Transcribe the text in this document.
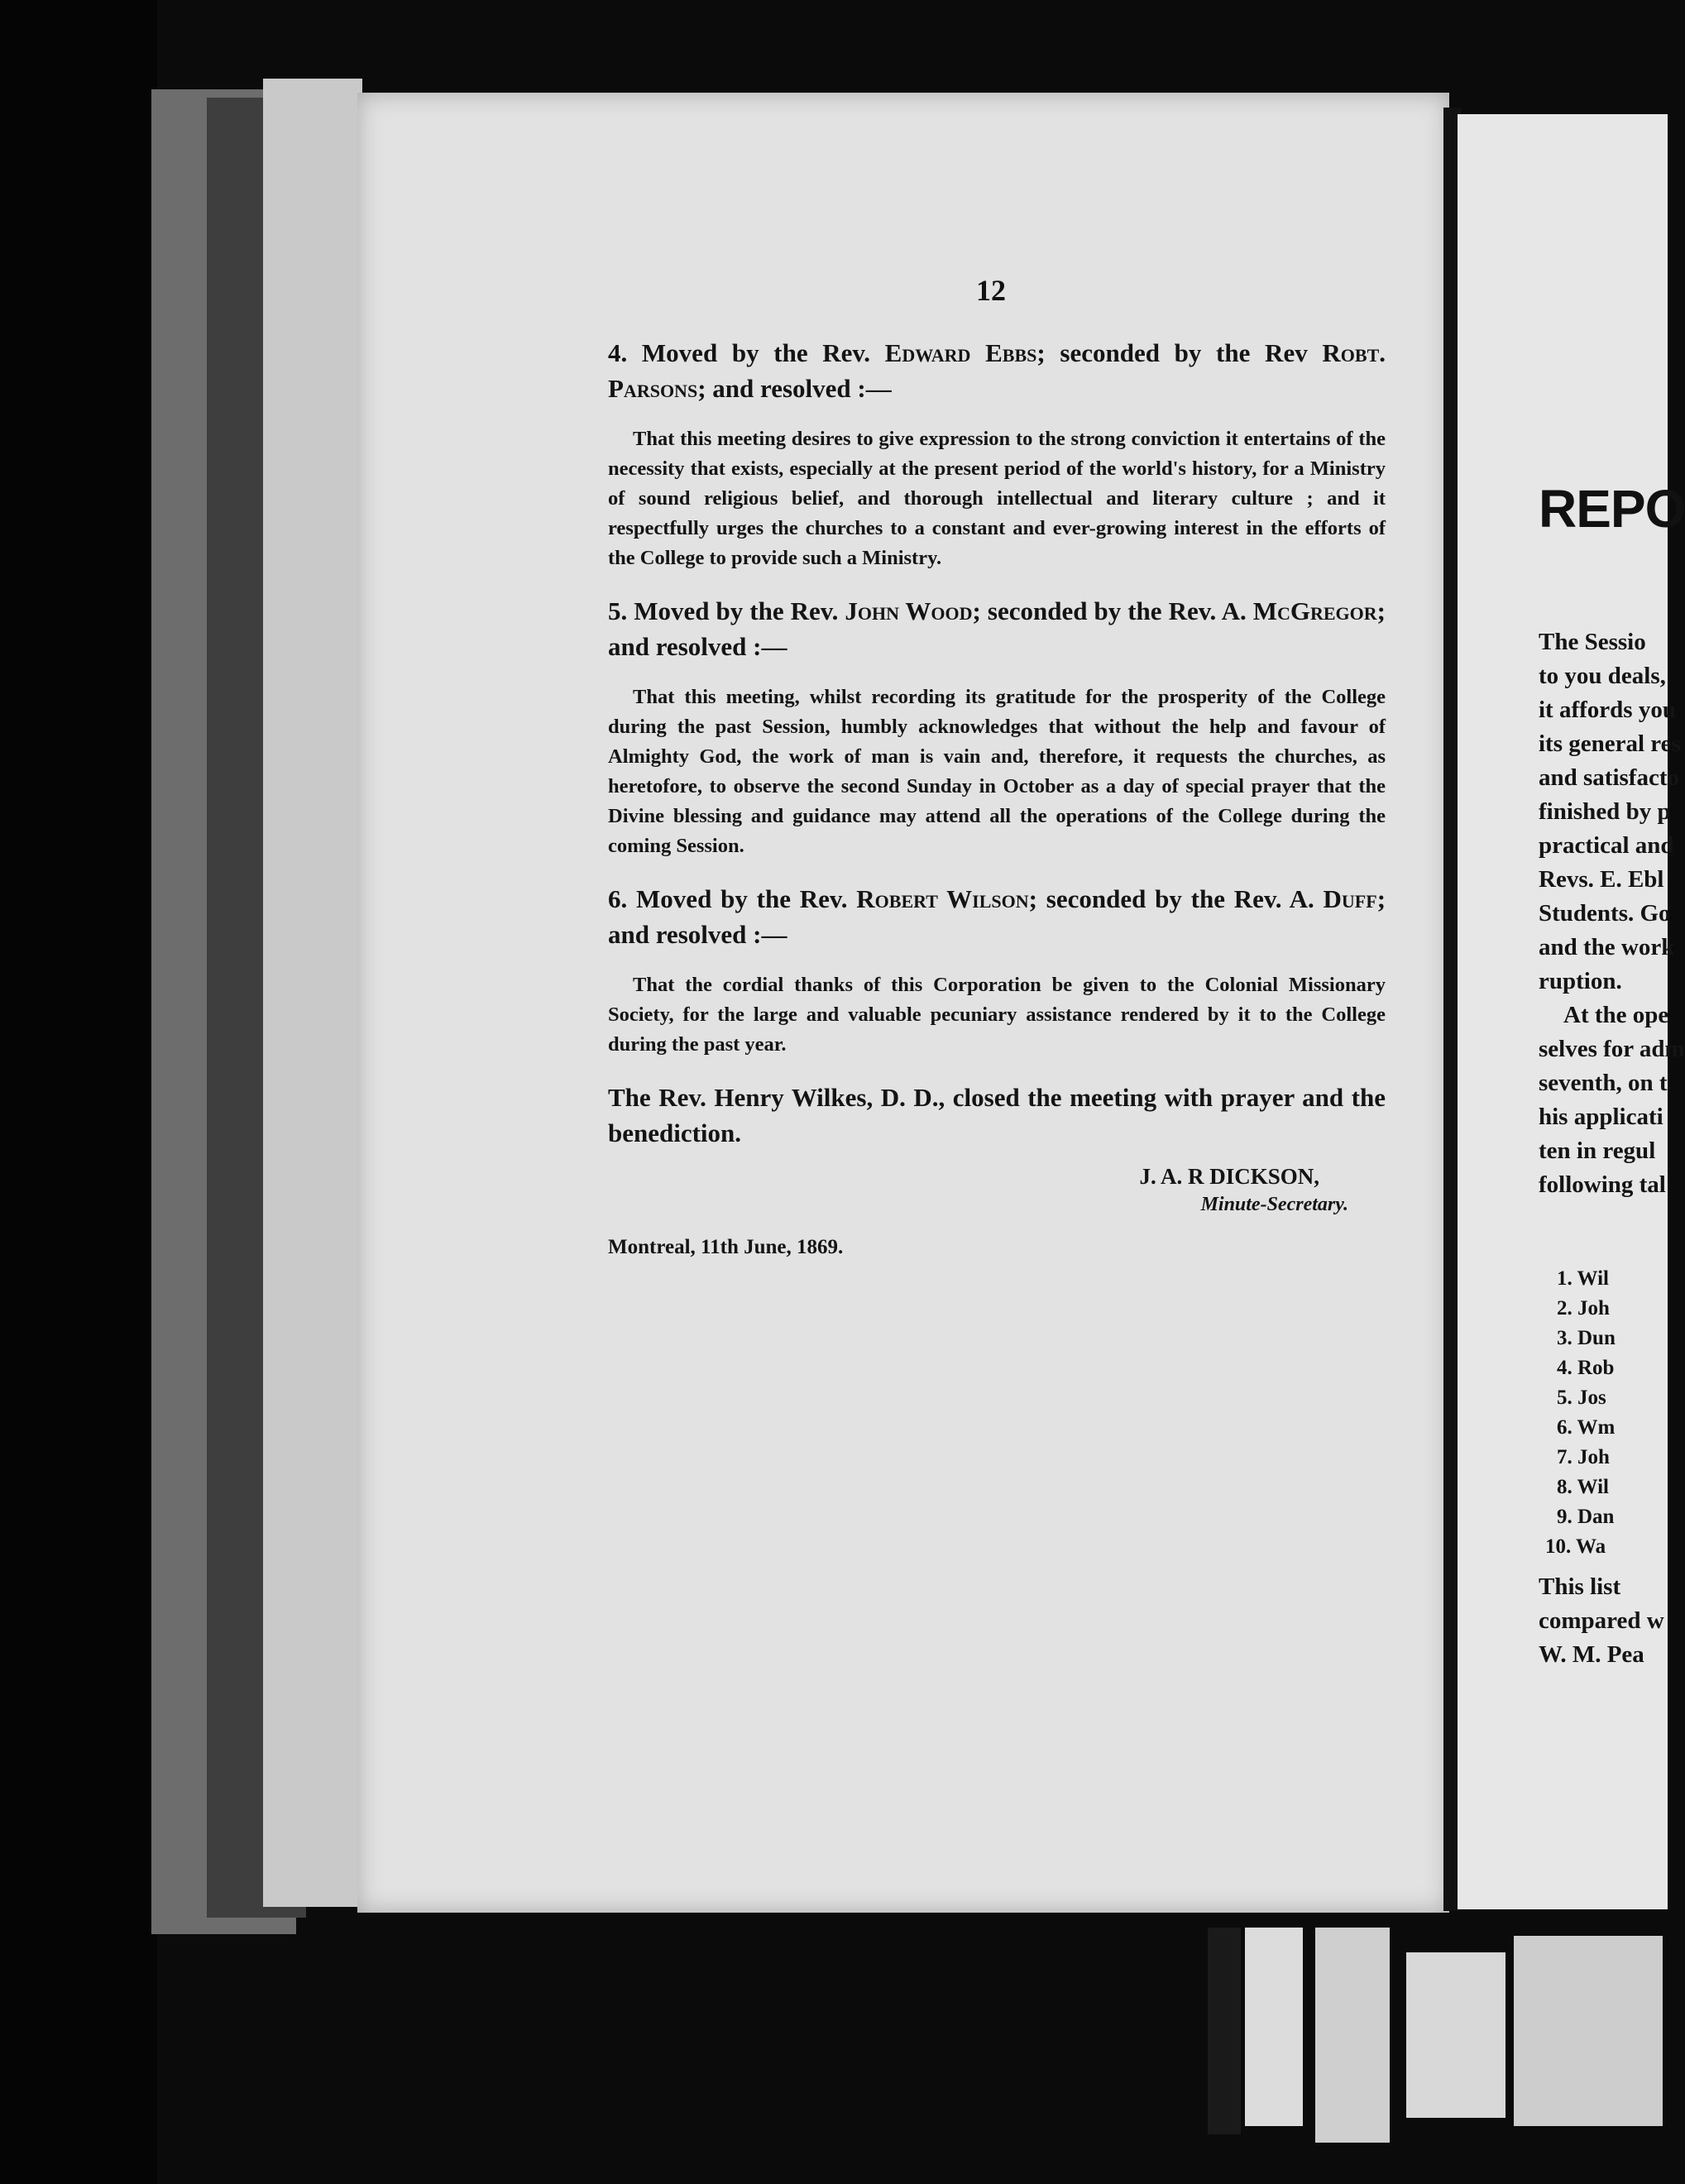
12

4. Moved by the Rev. Edward Ebbs; seconded by the Rev Robt. Parsons; and resolved :—

That this meeting desires to give expression to the strong conviction it entertains of the necessity that exists, especially at the present period of the world's history, for a Ministry of sound religious belief, and thorough intellectual and literary culture ; and it respectfully urges the churches to a constant and ever-growing interest in the efforts of the College to provide such a Ministry.

5. Moved by the Rev. John Wood; seconded by the Rev. A. McGregor; and resolved :—

That this meeting, whilst recording its gratitude for the prosperity of the College during the past Session, humbly acknowledges that without the help and favour of Almighty God, the work of man is vain and, therefore, it requests the churches, as heretofore, to observe the second Sunday in October as a day of special prayer that the Divine blessing and guidance may attend all the operations of the College during the coming Session.

6. Moved by the Rev. Robert Wilson; seconded by the Rev. A. Duff; and resolved :—

That the cordial thanks of this Corporation be given to the Colonial Missionary Society, for the large and valuable pecuniary assistance rendered by it to the College during the past year.

The Rev. Henry Wilkes, D. D., closed the meeting with prayer and the benediction.

J. A. R DICKSON,
Minute-Secretary.

Montreal, 11th June, 1869.
REPO
The Sessio
to you deals,
it affords you
its general res
and satisfacto
finished by p
practical and
Revs. E. Ebl
Students. Go
and the work
ruption.
At the ope
selves for adm
seventh, on t
his applicati
ten in regul
following tal
1. Wil
2. Joh
3. Dun
4. Rob
5. Jos
6. Wm
7. Joh
8. Wil
9. Dan
10. Wa
This list
compared w
W. M. Pea
